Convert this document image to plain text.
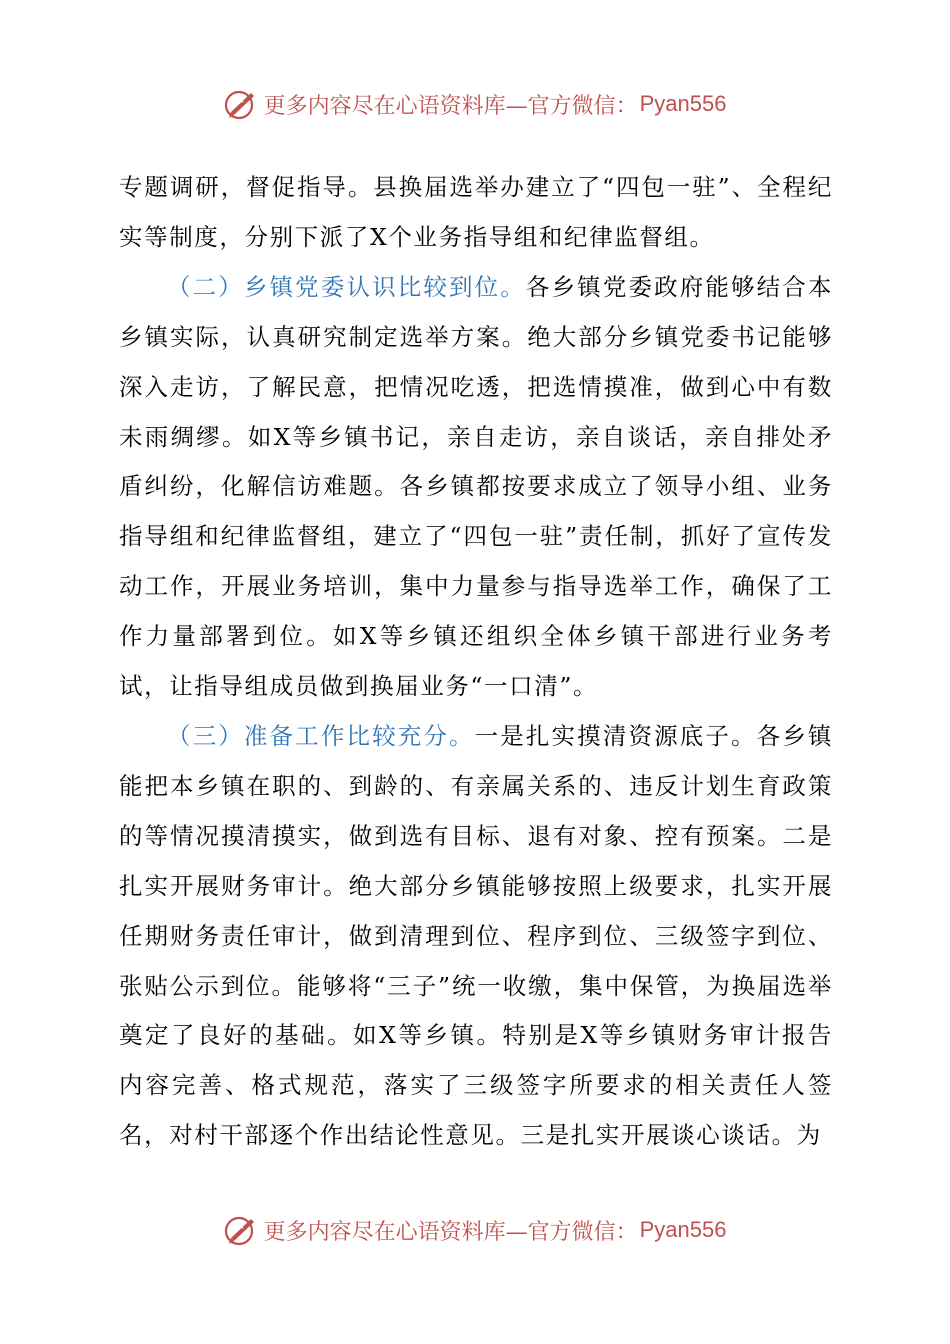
更多内容尽在心语资料库—官方微信： Pyan556

专题调研，督促指导。县换届选举办建立了“四包一驻”、全程纪实等制度，分别下派了X个业务指导组和纪律监督组。

（二）乡镇党委认识比较到位。各乡镇党委政府能够结合本乡镇实际，认真研究制定选举方案。绝大部分乡镇党委书记能够深入走访，了解民意，把情况吃透，把选情摸准，做到心中有数未雨绸缪。如X等乡镇书记，亲自走访，亲自谈话，亲自排处矛盾纠纷，化解信访难题。各乡镇都按要求成立了领导小组、业务指导组和纪律监督组，建立了“四包一驻”责任制，抓好了宣传发动工作，开展业务培训，集中力量参与指导选举工作，确保了工作力量部署到位。如X等乡镇还组织全体乡镇干部进行业务考试，让指导组成员做到换届业务“一口清”。

（三）准备工作比较充分。一是扎实摸清资源底子。各乡镇能把本乡镇在职的、到龄的、有亲属关系的、违反计划生育政策的等情况摸清摸实，做到选有目标、退有对象、控有预案。二是扎实开展财务审计。绝大部分乡镇能够按照上级要求，扎实开展任期财务责任审计，做到清理到位、程序到位、三级签字到位、张贴公示到位。能够将“三子”统一收缴，集中保管，为换届选举奠定了良好的基础。如X等乡镇。特别是X等乡镇财务审计报告内容完善、格式规范，落实了三级签字所要求的相关责任人签名，对村干部逐个作出结论性意见。三是扎实开展谈心谈话。为

更多内容尽在心语资料库—官方微信： Pyan556
